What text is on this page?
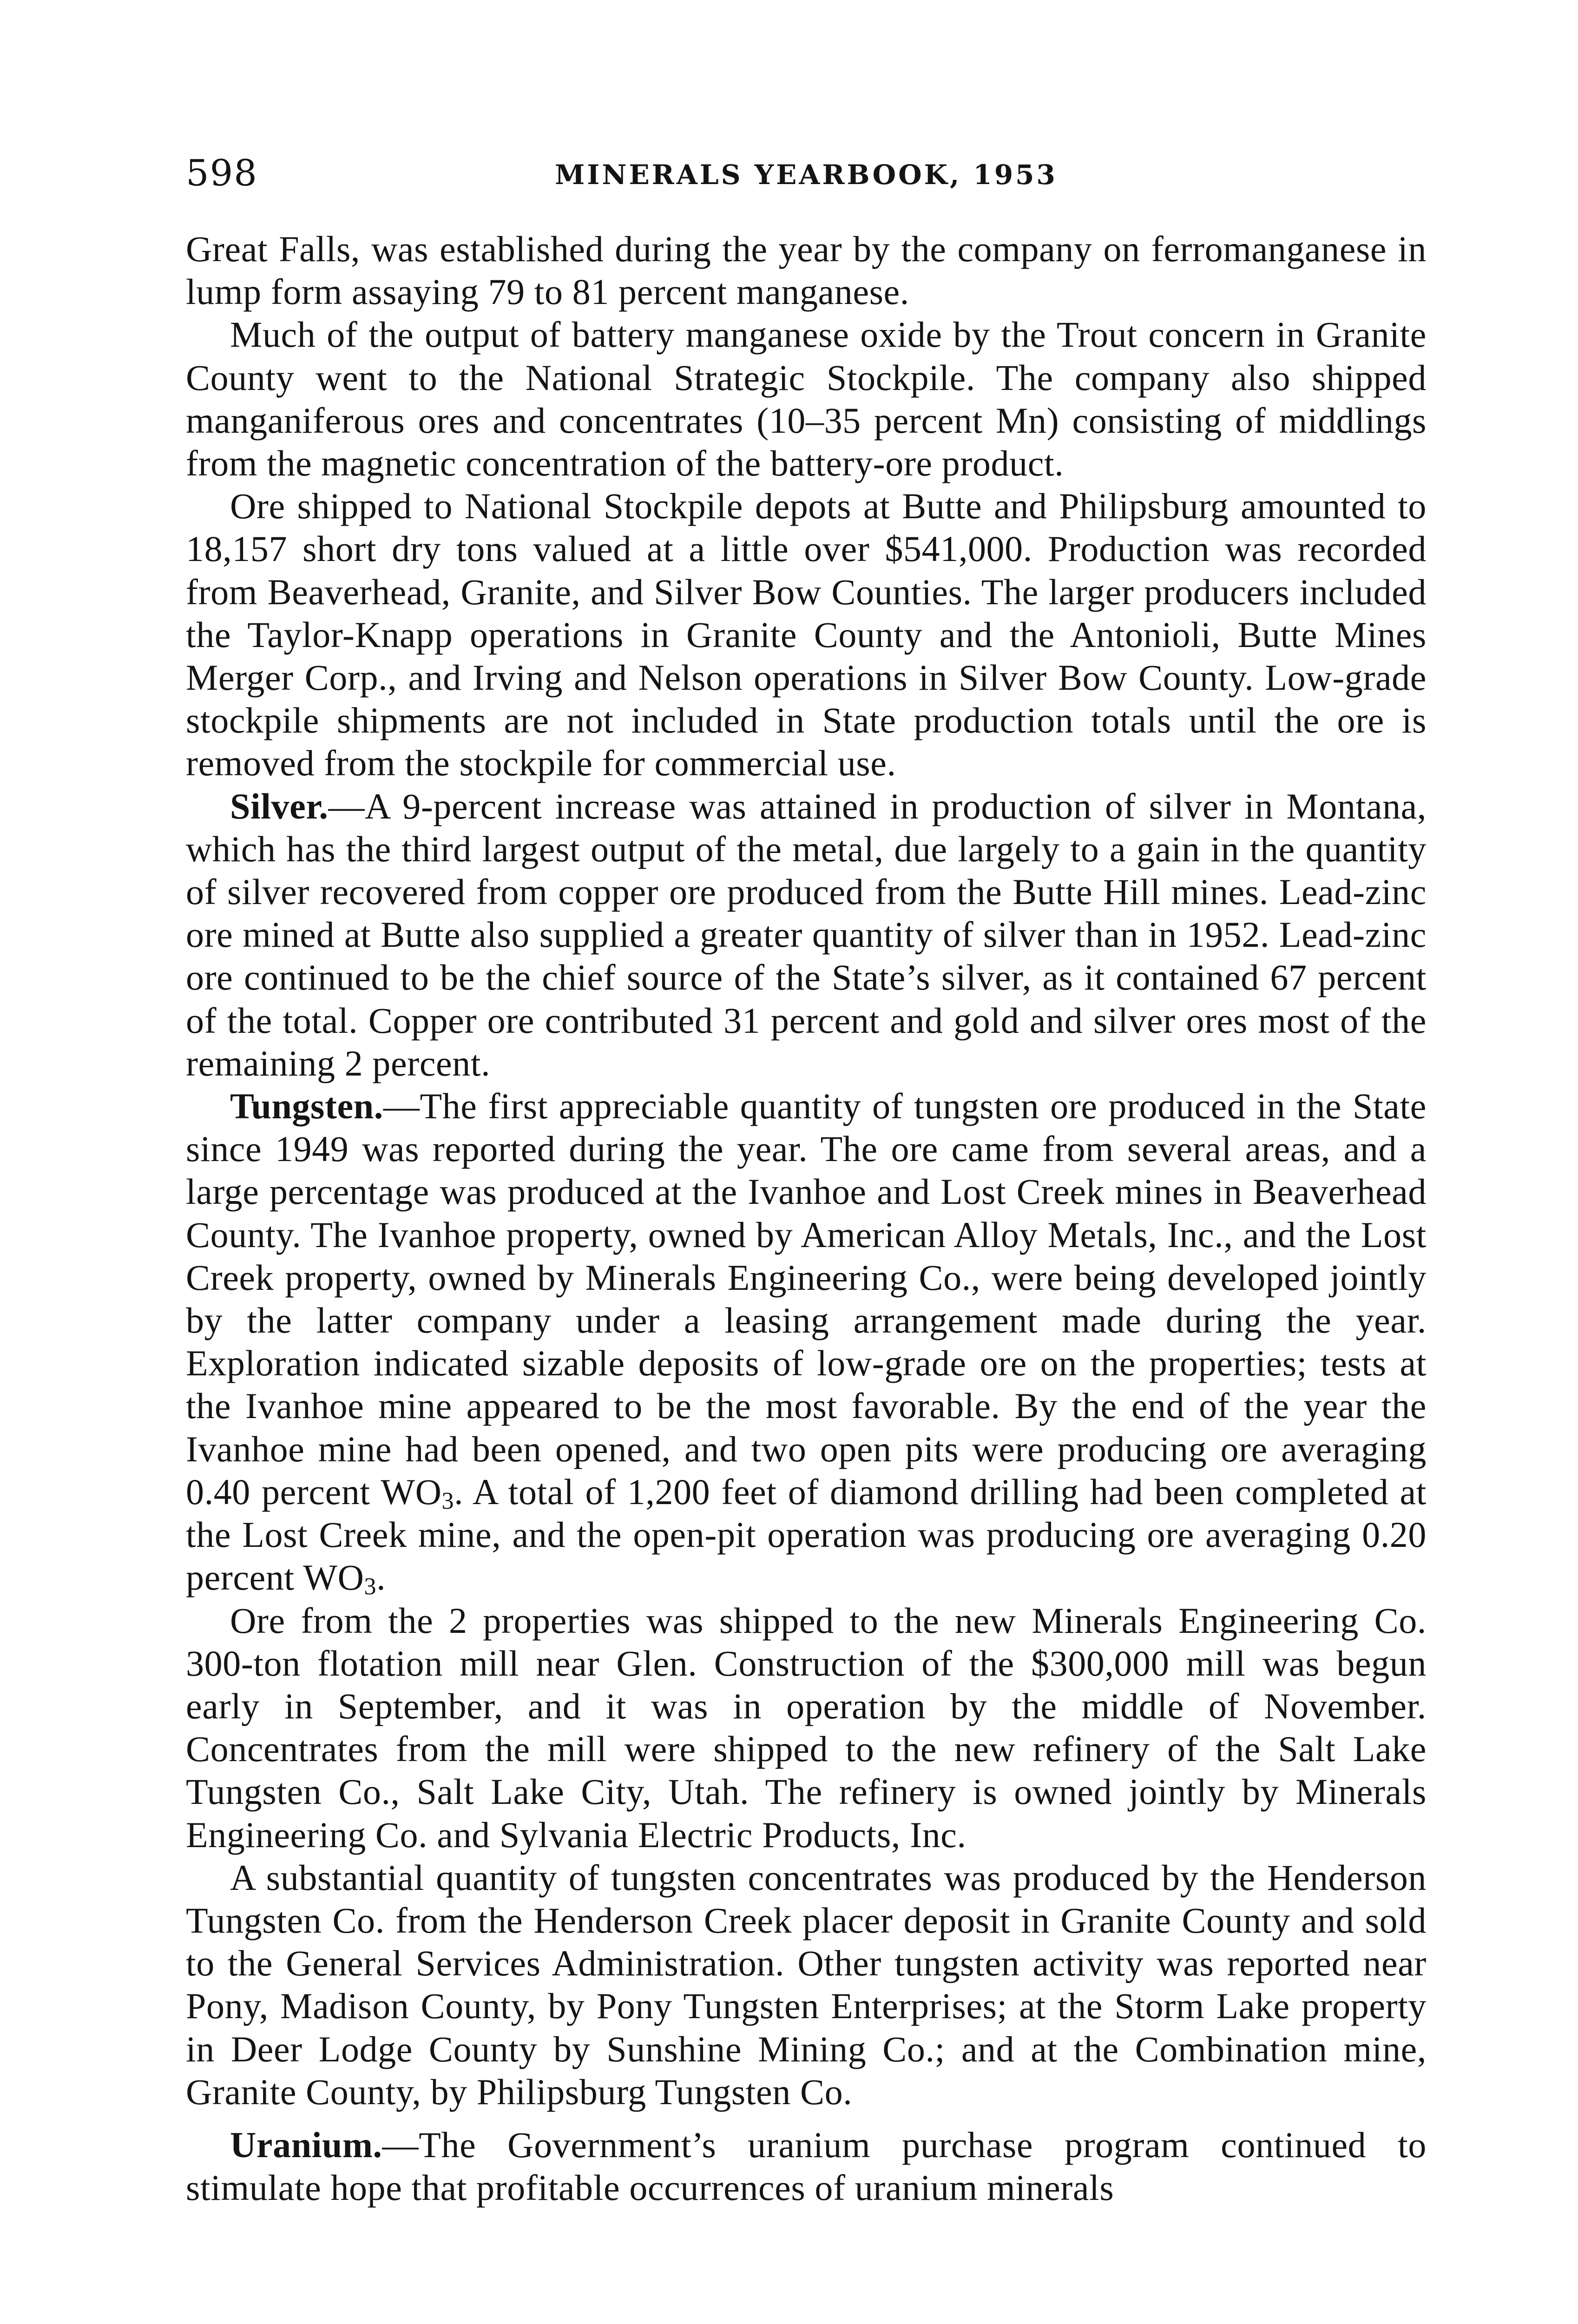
598	MINERALS YEARBOOK, 1953

Great Falls, was established during the year by the company on ferromanganese in lump form assaying 79 to 81 percent manganese.

Much of the output of battery manganese oxide by the Trout concern in Granite County went to the National Strategic Stockpile. The company also shipped manganiferous ores and concentrates (10–35 percent Mn) consisting of middlings from the magnetic concentration of the battery-ore product.

Ore shipped to National Stockpile depots at Butte and Philipsburg amounted to 18,157 short dry tons valued at a little over $541,000. Production was recorded from Beaverhead, Granite, and Silver Bow Counties. The larger producers included the Taylor-Knapp operations in Granite County and the Antonioli, Butte Mines Merger Corp., and Irving and Nelson operations in Silver Bow County. Low-grade stockpile shipments are not included in State production totals until the ore is removed from the stockpile for commercial use.

Silver.—A 9-percent increase was attained in production of silver in Montana, which has the third largest output of the metal, due largely to a gain in the quantity of silver recovered from copper ore produced from the Butte Hill mines. Lead-zinc ore mined at Butte also supplied a greater quantity of silver than in 1952. Lead-zinc ore continued to be the chief source of the State’s silver, as it contained 67 percent of the total. Copper ore contributed 31 percent and gold and silver ores most of the remaining 2 percent.

Tungsten.—The first appreciable quantity of tungsten ore produced in the State since 1949 was reported during the year. The ore came from several areas, and a large percentage was produced at the Ivanhoe and Lost Creek mines in Beaverhead County. The Ivanhoe property, owned by American Alloy Metals, Inc., and the Lost Creek property, owned by Minerals Engineering Co., were being developed jointly by the latter company under a leasing arrangement made during the year. Exploration indicated sizable deposits of low-grade ore on the properties; tests at the Ivanhoe mine appeared to be the most favorable. By the end of the year the Ivanhoe mine had been opened, and two open pits were producing ore averaging 0.40 percent WO3. A total of 1,200 feet of diamond drilling had been completed at the Lost Creek mine, and the open-pit operation was producing ore averaging 0.20 percent WO3.

Ore from the 2 properties was shipped to the new Minerals Engineering Co. 300-ton flotation mill near Glen. Construction of the $300,000 mill was begun early in September, and it was in operation by the middle of November. Concentrates from the mill were shipped to the new refinery of the Salt Lake Tungsten Co., Salt Lake City, Utah. The refinery is owned jointly by Minerals Engineering Co. and Sylvania Electric Products, Inc.

A substantial quantity of tungsten concentrates was produced by the Henderson Tungsten Co. from the Henderson Creek placer deposit in Granite County and sold to the General Services Administration. Other tungsten activity was reported near Pony, Madison County, by Pony Tungsten Enterprises; at the Storm Lake property in Deer Lodge County by Sunshine Mining Co.; and at the Combination mine, Granite County, by Philipsburg Tungsten Co.

Uranium.—The Government’s uranium purchase program continued to stimulate hope that profitable occurrences of uranium minerals
